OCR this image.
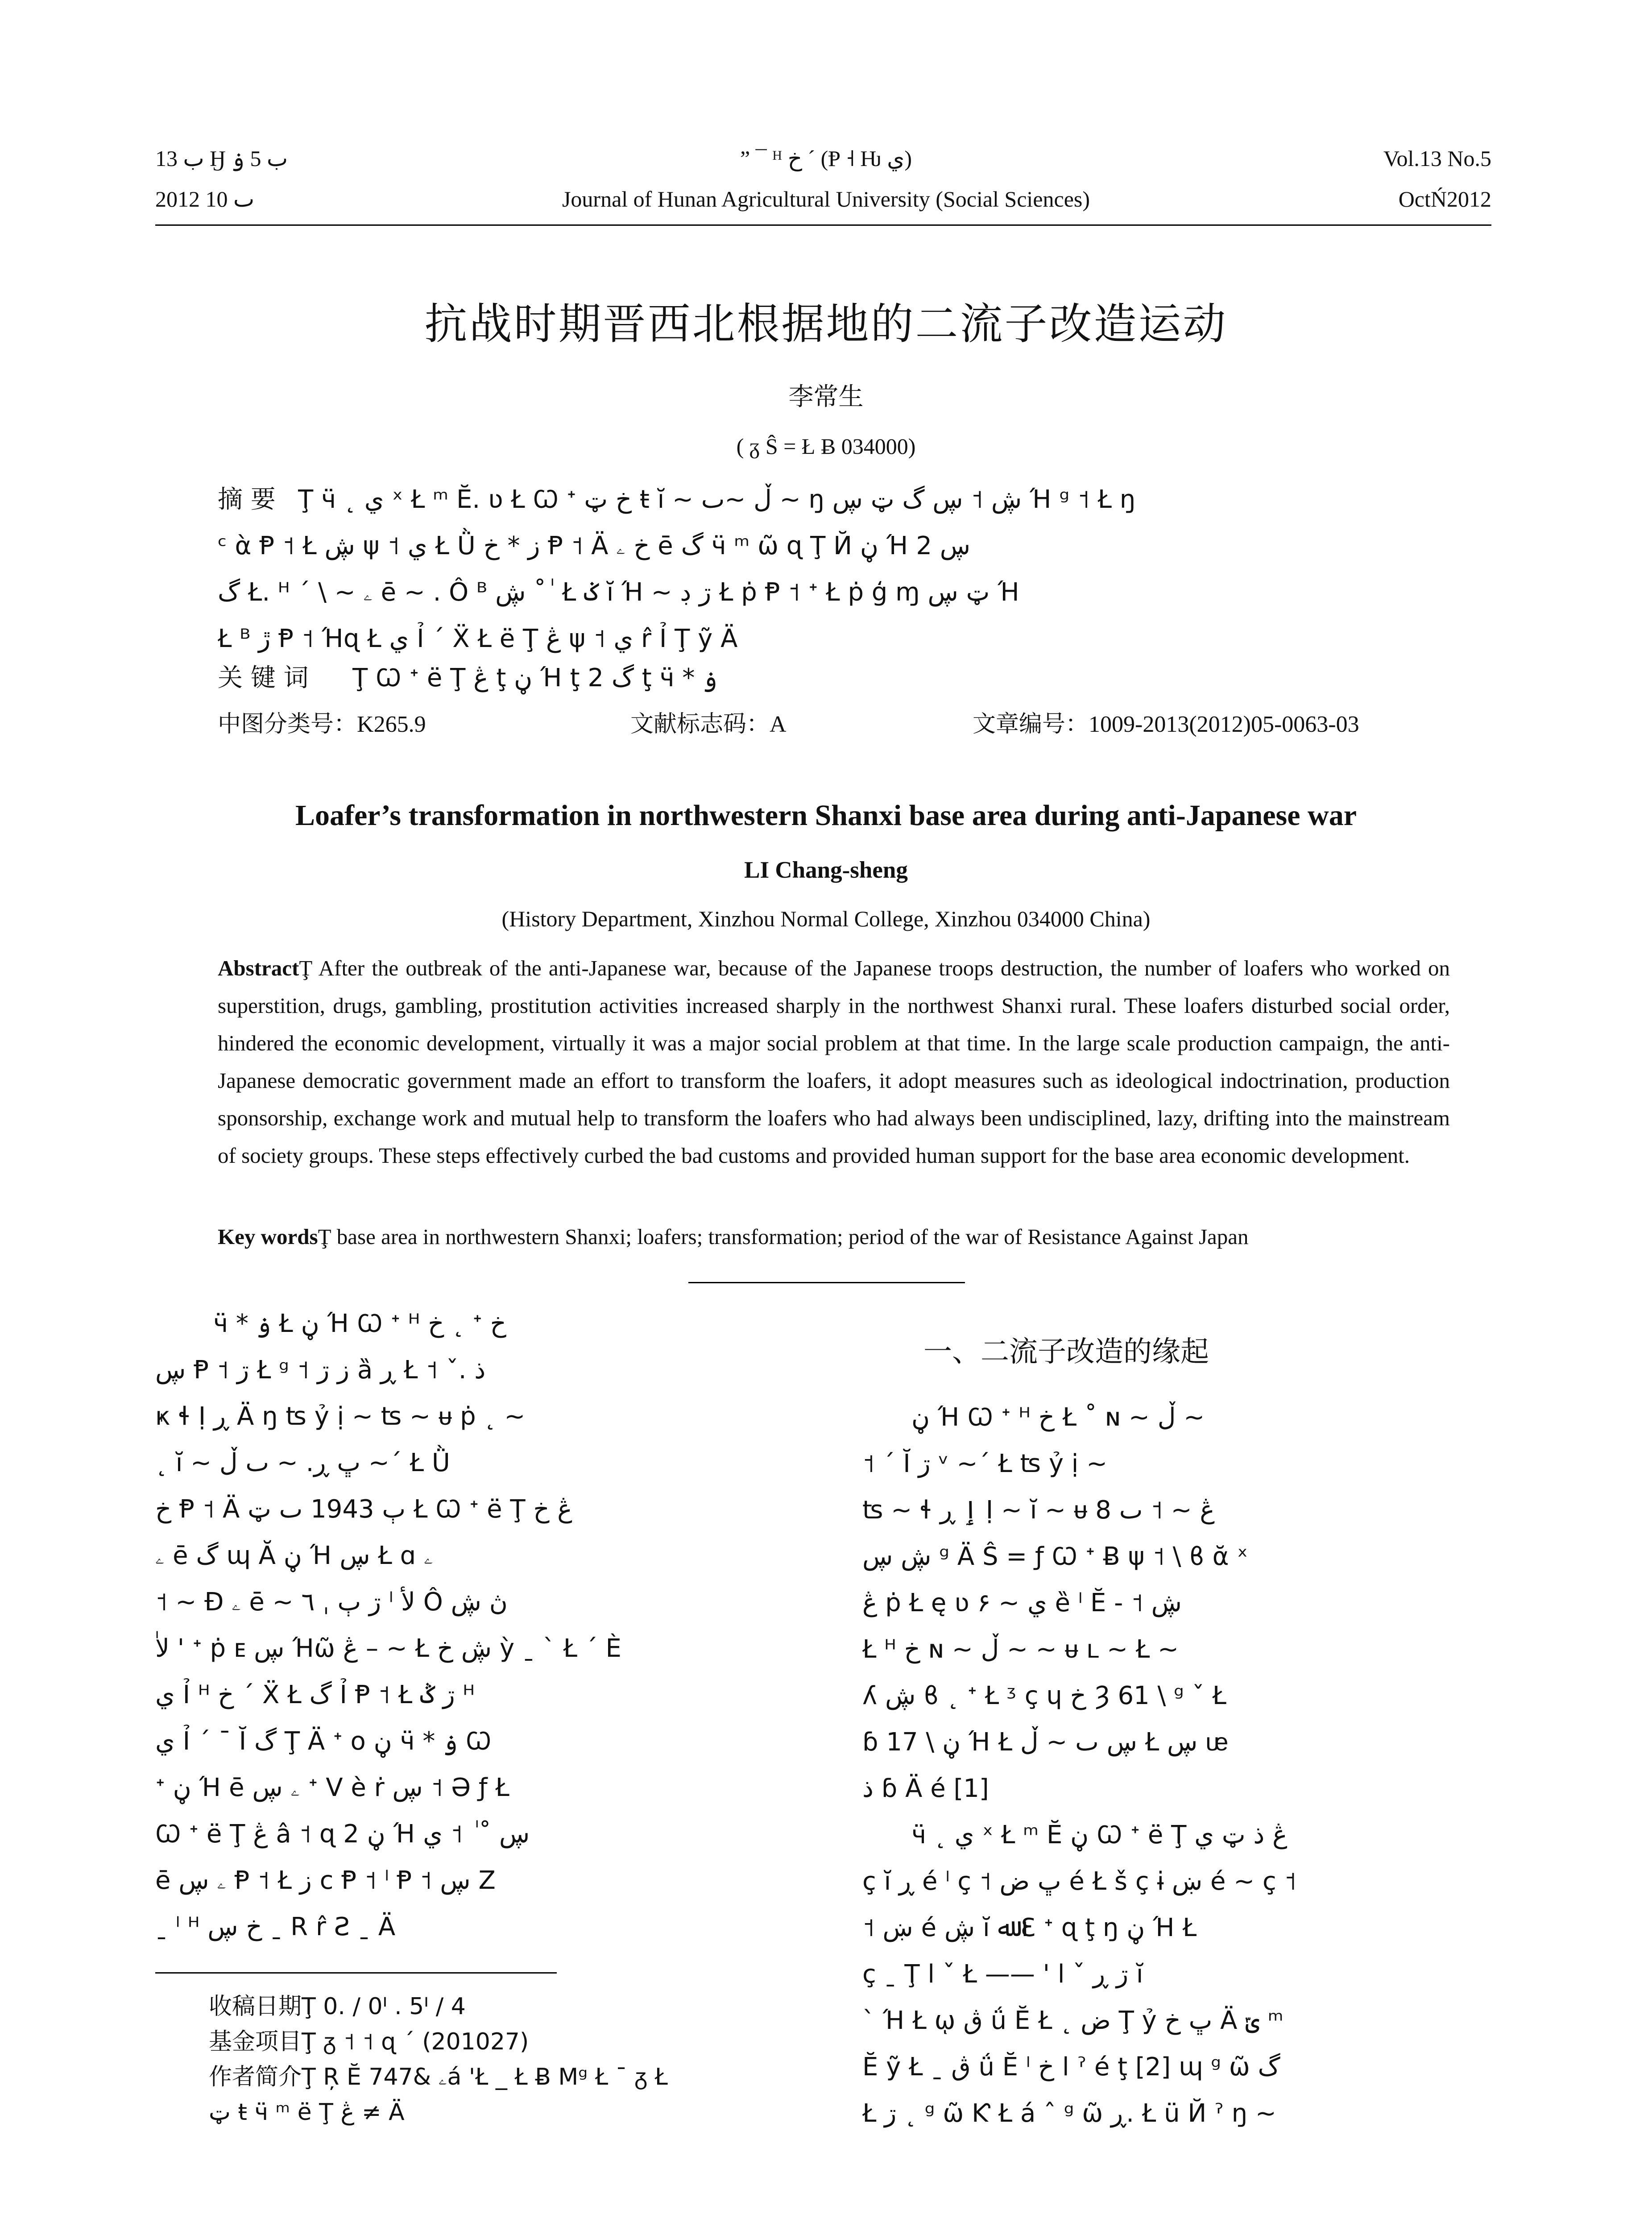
ب 13 Ӈ ب 5 ۏ
2012 ٮ 10
” ¯ ᴴ خ ˊ (Ᵽ ˧ Ƕ ي)
Journal of Hunan Agricultural University (Social Sciences)
Vol.13 No.5
OctŃ2012
抗战时期晋西北根据地的二流子改造运动
李常生
( ᵹ Ŝ = Ł Ƀ 034000)
摘 要 Ţ ӵ ˛ ي ˣ Ł ᵐ Ĕ. ʋ Ł Ꞷ ᐩ خ ټ ŧ ĭ ~ ڵ ~ٮ ~ ŋ ڜ ˦ ڛ گ ټ ڛ Ή ᵍ ˦ Ł ŋ
ᶜ ὰ Ᵽ ˦ Ł ڜ ψ ˦ ي Ł Ǜ ز * خ Ᵽ ˦ Ä خ ۦ ē گ ӵ ᵐ ῶ ɋ Ţ Й ڼ Ή ڛ 2
گ Ł. ᴴ ˊ \ ~ ۦ ē ~ . Ô ᴮ ڜ ˚ ٰ Ł ݢ ĭ Ή ~ ڗ ڊ Ł ṗ Ᵽ ˦ ᐩ Ł ṗ ģ ɱ ټ ڛ Ή
Ł ᴮ ڙ Ᵽ ˦ Ήɋ Ł ي Ỉ ˊ Ẍ Ł ë Ţ ڠ ψ ˦ ي r̂ Ỉ Ţ ỹ Ä
关 键 词 Ţ Ꞷ ᐩ ë Ţ ڠ ţ ڼ Ή ţ 2 گ ţ ӵ * ۏ
中图分类号：K265.9	文献标志码：A	文章编号：1009-2013(2012)05-0063-03
Loafer’s transformation in northwestern Shanxi base area during anti-Japanese war
LI Chang-sheng
(History Department, Xinzhou Normal College, Xinzhou 034000 China)

AbstractŢ After the outbreak of the anti-Japanese war, because of the Japanese troops destruction, the number of loafers who worked on superstition, drugs, gambling, prostitution activities increased sharply in the northwest Shanxi rural. These loafers disturbed social order, hindered the economic development, virtually it was a major social problem at that time. In the large scale production campaign, the anti-Japanese democratic government made an effort to transform the loafers, it adopt measures such as ideological indoctrination, production sponsorship, exchange work and mutual help to transform the loafers who had always been undisciplined, lazy, drifting into the mainstream of society groups. These steps effectively curbed the bad customs and provided human support for the base area economic development.

Key wordsŢ base area in northwestern Shanxi; loafers; transformation; period of the war of Resistance Against Japan

ӵ * ۏ Ł ڼ Ή Ꞷ ᐩ ᴴ خ ˛ ᐩ خ
ڛ Ᵽ ˦ ڗ Ł ᵍ ˦ ز ڗ ȁ ڕ Ł ˦ ˇ. ذ
ҝ ɬ Ị ڕ Ä ŋ ʦ ỷ ị ~ ʦ ~ ᵾ ṗ ˛ ~
˛ ĭ ~ ڀ ڕ. ~ ٮ ڵ ~ˊ Ł Ǜ
خ Ᵽ ˦ Ä ٻ 1943 ٮ ټ Ł Ꞷ ᐩ ë Ţ ڠ خ
ۦ ē گ ɰ Ă ڼ Ή ڛ Ł ɑ ۦ
˦ ~ Ð ۦ ē ~ ڗ ٻ ˌ ٦ ˡ لأ Ô ڽ ڜ
لاٰ ' ᐩ ṗ ᴇ ڛ Ήῶ ڠ – ~ Ł ڜ خ ỳ ˍ ˋ Ł ˊ È
ي Ỉ ᴴ خ ˊ Ẍ Ł گ Ỉ Ᵽ ˦ Ł ڗ ݣ ᴴ
ي Ỉ ˊ ˉ Ĭ گ Ţ Ä ᐩ ο ڼ ӵ * ۏ Ꞷ
ᐩ ڼ Ή ē ۦ ڛ ᐩ V è ṙ ڛ ˦ Ə ƒ Ł
Ꞷ ᐩ ë Ţ ڠ â ˦ ɋ 2 ڼ Ή ڛ ˚ ٰ ˦ ي
ē ۦ ڛ Ᵽ ˦ Ł ز c Ᵽ ˦ ˡ Ᵽ ˦ ڛ Ζ
ˍ ˡ ᴴ خ ڛ ˍ R r̂ Ƨ ˍ Ä
收稿日期Ţ 0. / 0ᑊ . 5ᑊ / 4
基金项目Ţ ᵹ ˦ ˦ ɋ ˊ (201027)
作者简介Ţ Ŗ Ĕ ۦ &747á 'Ł _ Ł Ƀ Mᵍ Ł ˉ ᵹ Ł
ټ ŧ ӵ ᵐ ë Ţ ڠ ≠ Ä
一、二流子改造的缘起
ڼ Ή Ꞷ ᐩ ᴴ خ Ł ˚ ɴ ~ ڵ ~
˦ ˊ Ĭ ڗ ᵛ ~ˊ Ł ʦ ỷ ị ~
ʦ ~ ɬ ٳ ڕ Ị ~ ĭ ~ ᵾ ڠ ~ ˦ ٮ 8
ڜ ڛ ᵍ Ä Ŝ = ƒ Ꞷ ᐩ Ƀ ψ ˦ \ ϐ ᾰ ˣ
ڠ ṗ Ł ę ʋ ي ~ ۶ ȅ ˡ Ĕ - ˦ ڜ
Ł ᴴ خ ɴ ~ ڵ ~ ~ ᵾ ʟ ~ Ł ~
ʎ ڜ ϐ ˛ ᐩ Ł ᶾ ç ɥ خ Ȝ 61 \ ᵍ ˇ Ł
ɓ 17 \ ڼ Ή Ł ڛ ٮ ~ ڵ Ł ڛ ᵫ
ذ ɓ Ä é [1]
ӵ ˛ ي ˣ Ł ᵐ Ĕ ڼ Ꞷ ᐩ ë Ţ ڠ ذ ټ ي
ç ĭ ڕ é ˡ ç ˦ ڀ ض é Ł š ç ɨ ښ é ~ ç ˦
˦ ښ é ڜ ĭ ﷲ Ɛ ᐩ ɋ ţ ŋ ڼ Ή Ł
ç ˍ Ţ l ˇ Ł —— ' l ˇ ڗ ڕ ĭ
ˋ Ή Ł ῳ ڨ ǘ Ĕ Ł ˛ ض Ţ ỷ ڀ خ Ä ݶ ᵐ
Ĕ ỹ Ł ˍ ڨ ǘ Ĕ ˡ خ l ˀ é ţ [2] ɰ ᵍ ῶ گ
Ł ڗ ˛ ᵍ ῶ Ƙ Ł á ˆ ᵍ ῶ ڕ. Ł ü Й ˀ ŋ ~
